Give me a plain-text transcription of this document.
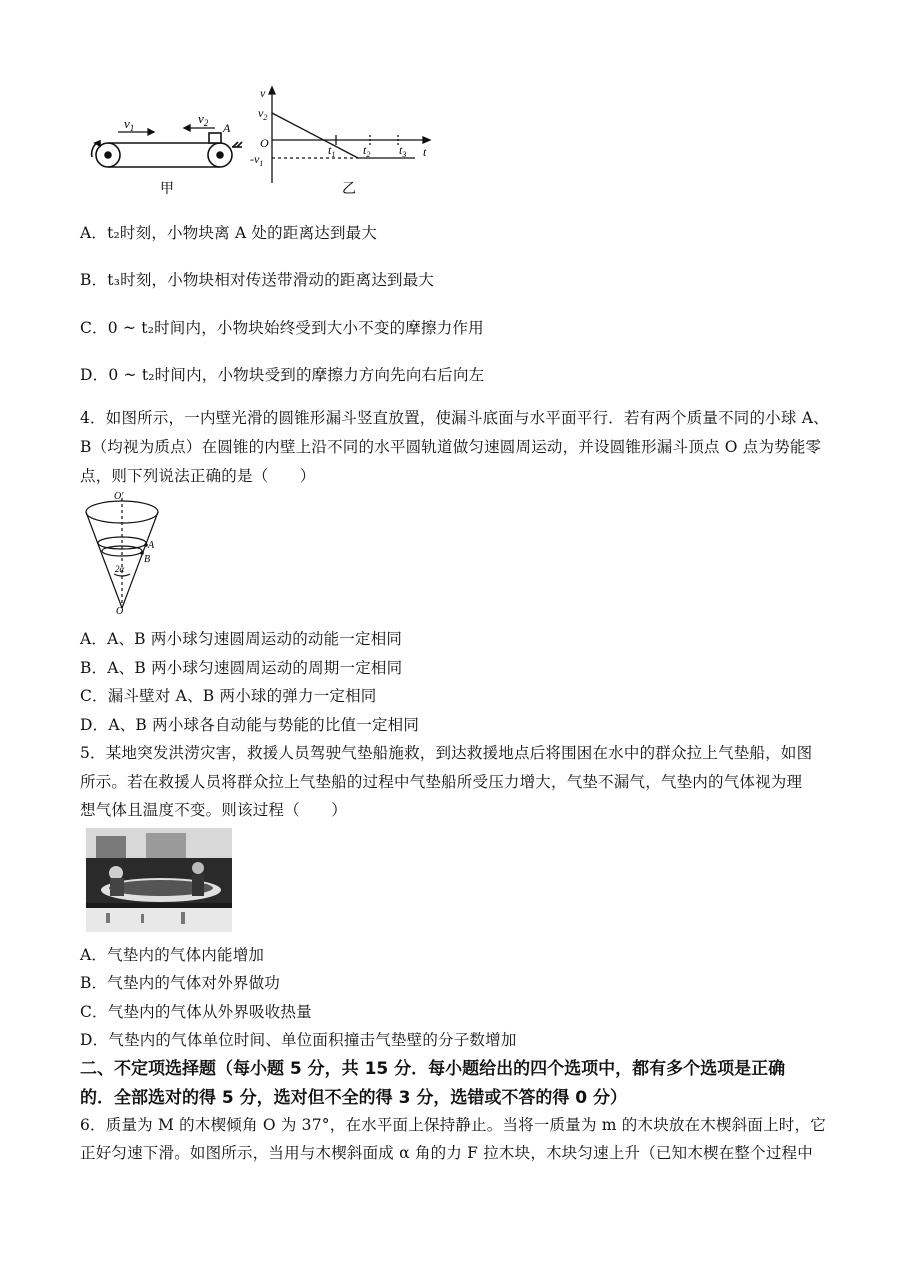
$v_1$
$v_2$ A
甲
v
$v_2$
O
$-v_1$
$t_1$ $t_2$ $t_3$ t
乙
A．t₂时刻，小物块离 A 处的距离达到最大
B．t₃时刻，小物块相对传送带滑动的距离达到最大
C．0 ~ t₂时间内，小物块始终受到大小不变的摩擦力作用
D．0 ~ t₂时间内，小物块受到的摩擦力方向先向右后向左
4．如图所示，一内壁光滑的圆锥形漏斗竖直放置，使漏斗底面与水平面平行．若有两个质量不同的小球 A、
B（均视为质点）在圆锥的内壁上沿不同的水平圆轨道做匀速圆周运动，并设圆锥形漏斗顶点 O 点为势能零
点，则下列说法正确的是（　　）
O'
A
B
2α
O
A．A、B 两小球匀速圆周运动的动能一定相同
B．A、B 两小球匀速圆周运动的周期一定相同
C．漏斗壁对 A、B 两小球的弹力一定相同
D．A、B 两小球各自动能与势能的比值一定相同
5．某地突发洪涝灾害，救援人员驾驶气垫船施救，到达救援地点后将围困在水中的群众拉上气垫船，如图
所示。若在救援人员将群众拉上气垫船的过程中气垫船所受压力增大，气垫不漏气，气垫内的气体视为理
想气体且温度不变。则该过程（　　）
A．气垫内的气体内能增加
B．气垫内的气体对外界做功
C．气垫内的气体从外界吸收热量
D．气垫内的气体单位时间、单位面积撞击气垫壁的分子数增加
二、不定项选择题（每小题 5 分，共 15 分．每小题给出的四个选项中，都有多个选项是正确
的．全部选对的得 5 分，选对但不全的得 3 分，选错或不答的得 0 分）
6．质量为 M 的木楔倾角 O 为 37°，在水平面上保持静止。当将一质量为 m 的木块放在木楔斜面上时，它
正好匀速下滑。如图所示，当用与木楔斜面成 α 角的力 F 拉木块，木块匀速上升（已知木楔在整个过程中
